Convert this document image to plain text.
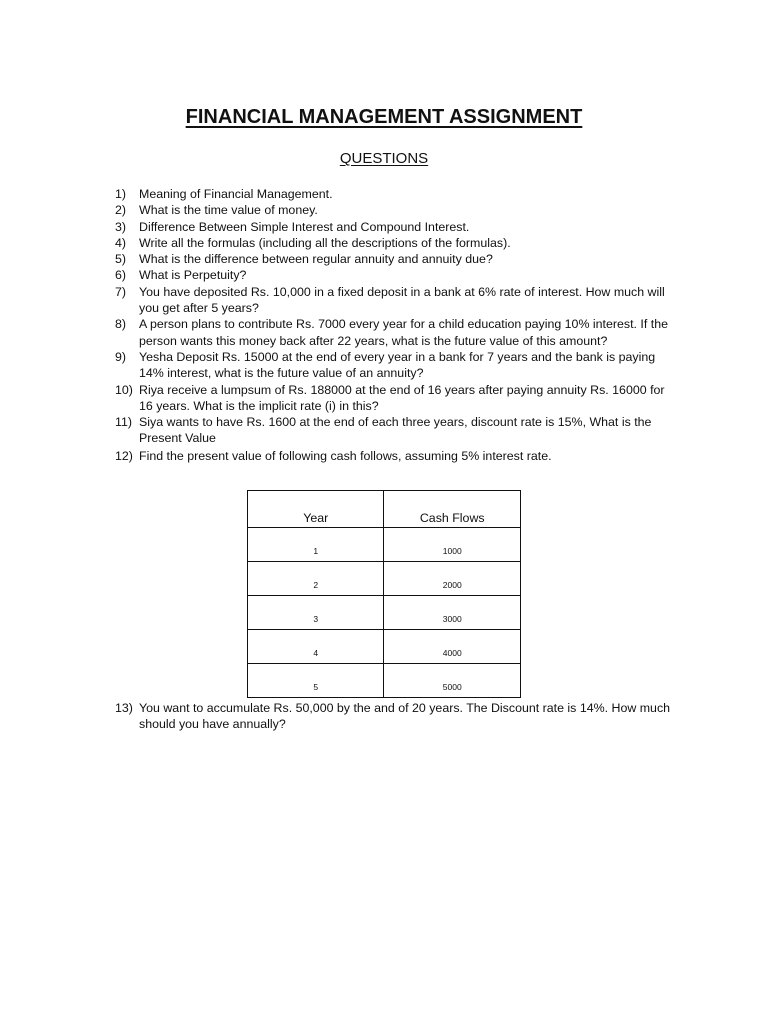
FINANCIAL MANAGEMENT ASSIGNMENT
QUESTIONS
1)	Meaning of Financial Management.
2)	What is the time value of money.
3)	Difference Between Simple Interest and Compound Interest.
4)	Write all the formulas (including all the descriptions of the formulas).
5)	What is the difference between regular annuity and annuity due?
6)	What is Perpetuity?
7)	You have deposited Rs. 10,000 in a fixed deposit in a bank at 6% rate of interest. How much will you get after 5 years?
8)	A person plans to contribute Rs. 7000 every year for a child education paying 10% interest. If the person wants this money back after 22 years, what is the future value of this amount?
9)	Yesha Deposit Rs. 15000 at the end of every year in a bank for 7 years and the bank is paying 14% interest, what is the future value of an annuity?
10) Riya receive a lumpsum of Rs. 188000 at the end of 16 years after paying annuity Rs. 16000 for 16 years. What is the implicit rate (i) in this?
11) Siya wants to have Rs. 1600 at the end of each three years, discount rate is 15%, What is the Present Value
12) Find the present value of following cash follows, assuming 5% interest rate.
Year	Cash Flows
1	1000
2	2000
3	3000
4	4000
5	5000
13) You want to accumulate Rs. 50,000 by the and of 20 years. The Discount rate is 14%. How much should you have annually?
